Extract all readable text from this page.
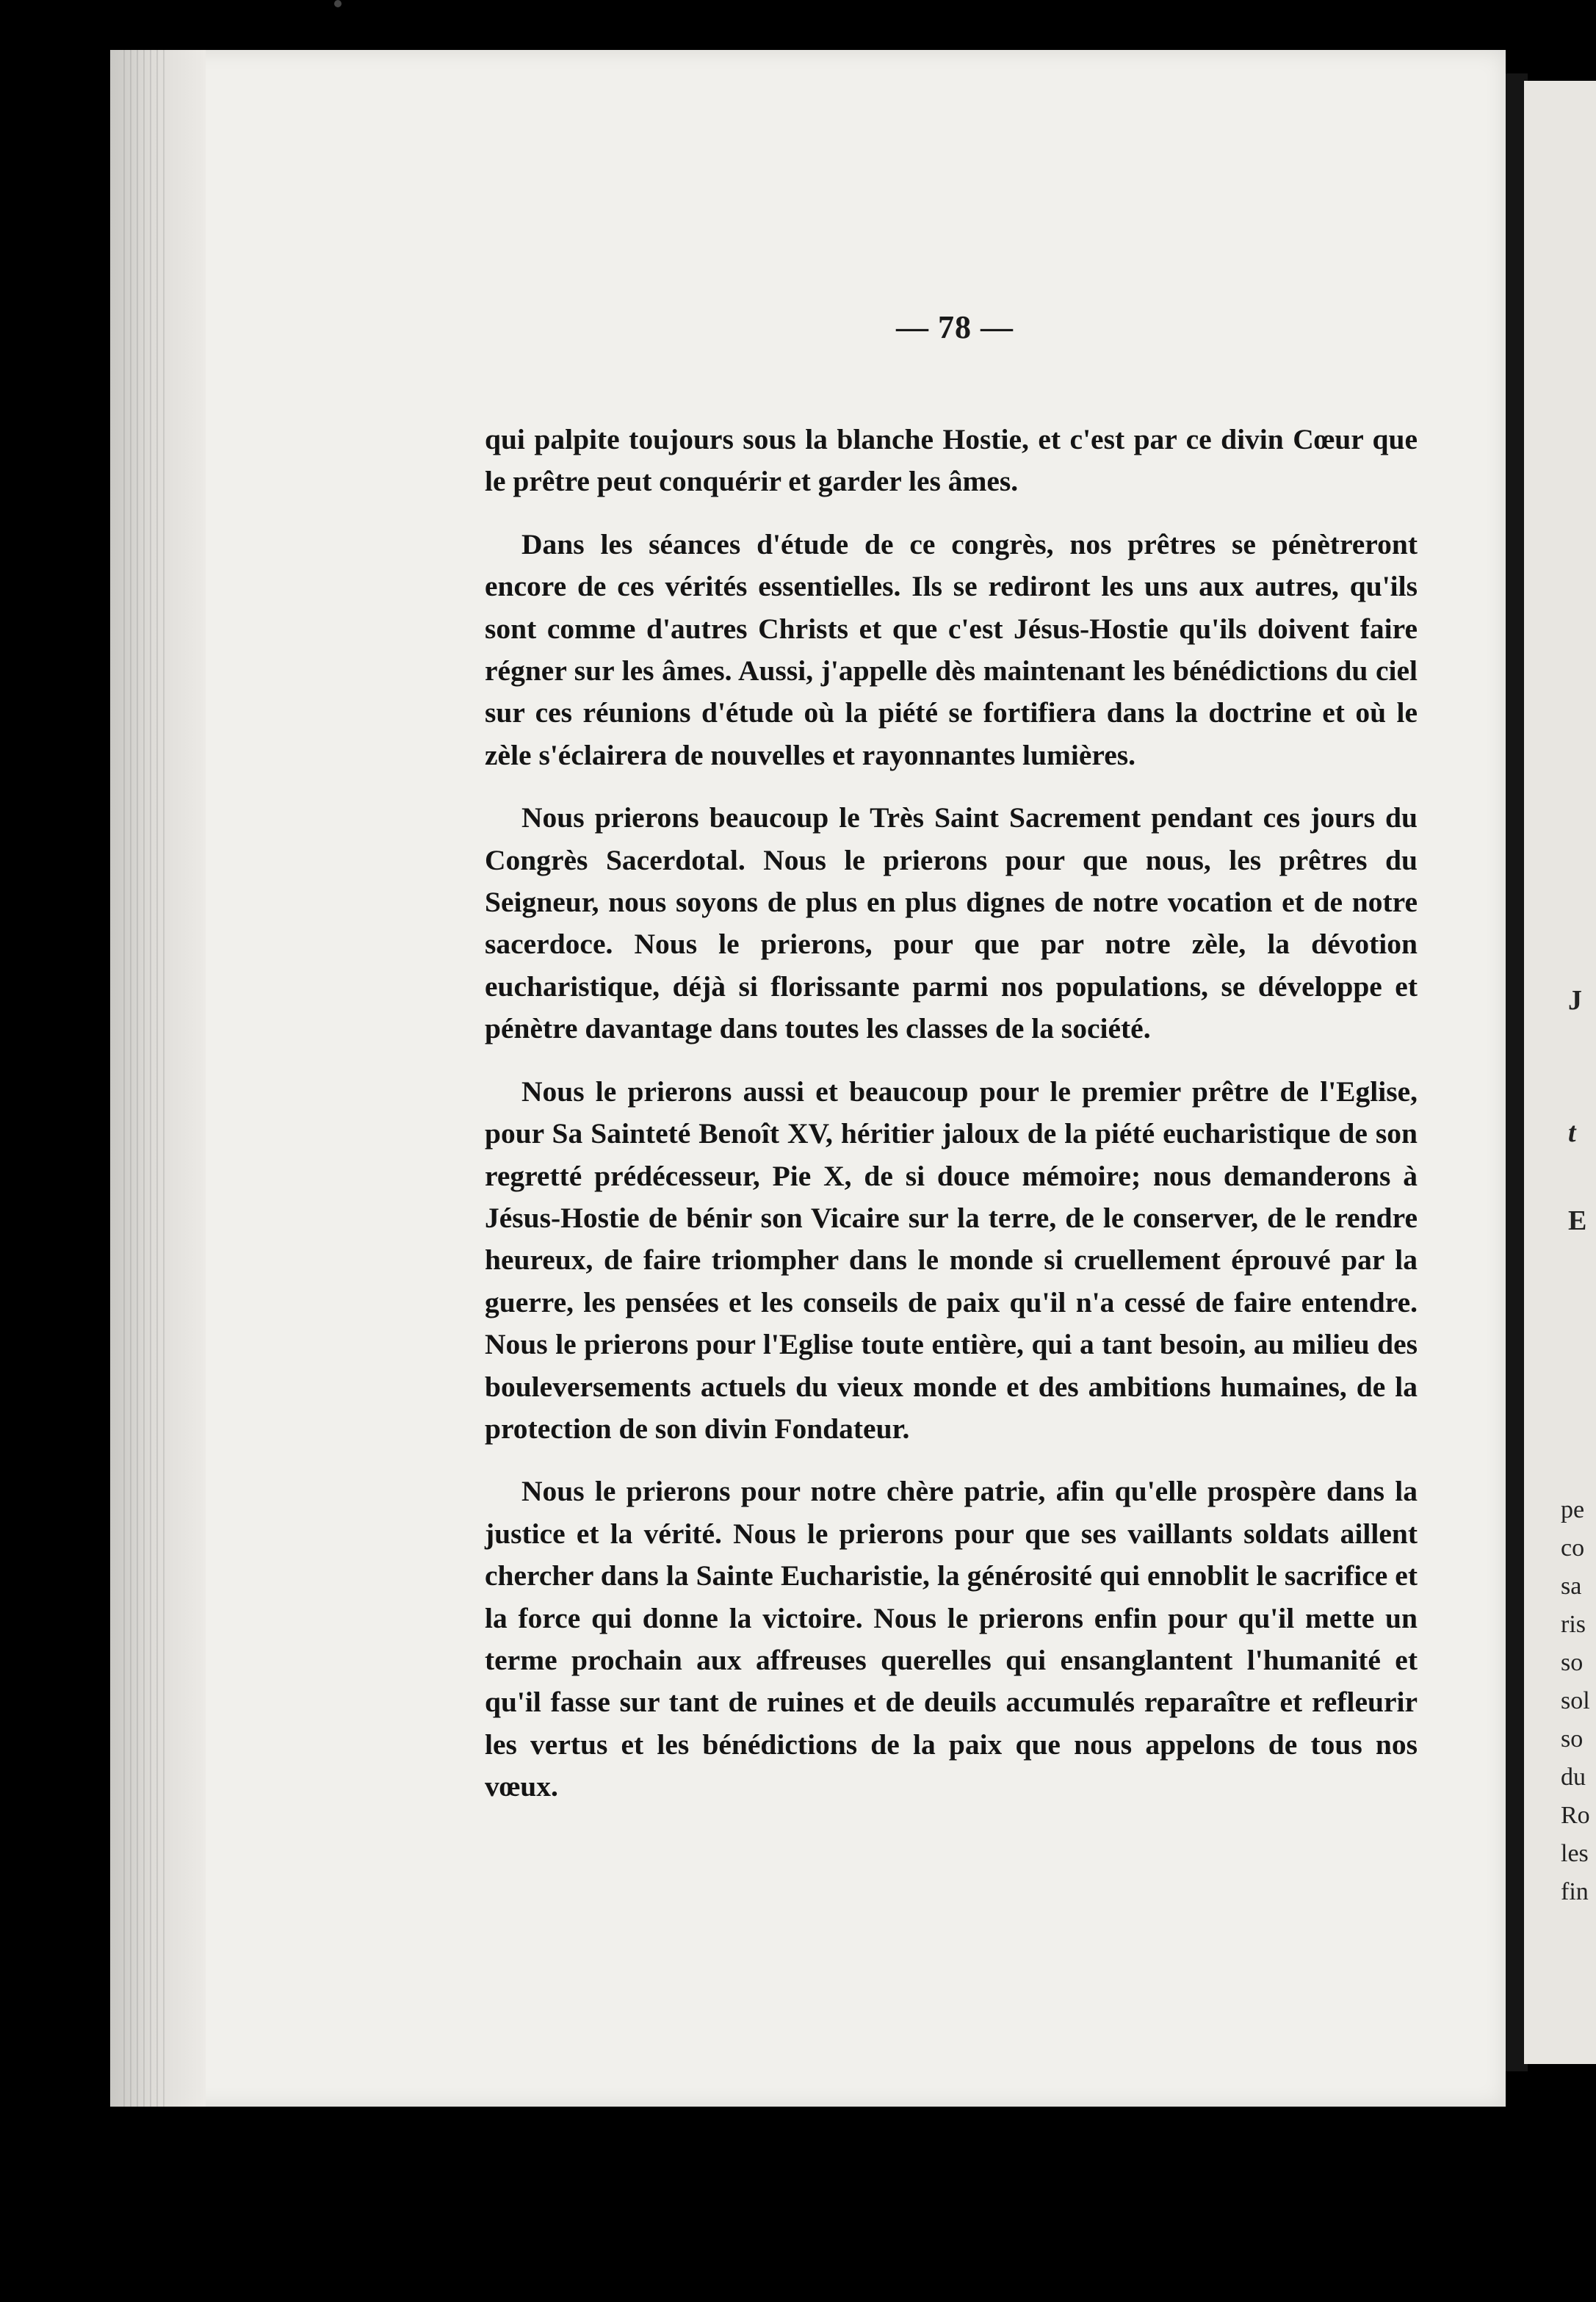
J
t
E
pe
co
sa
ris
so
sol
so
du
Ro
les
fin
— 78 —

qui palpite toujours sous la blanche Hostie, et c'est par ce divin Cœur que le prêtre peut conquérir et garder les âmes.

Dans les séances d'étude de ce congrès, nos prêtres se pénètreront encore de ces vérités essentielles. Ils se rediront les uns aux autres, qu'ils sont comme d'autres Christs et que c'est Jésus-Hostie qu'ils doivent faire régner sur les âmes. Aussi, j'appelle dès maintenant les bénédictions du ciel sur ces réunions d'étude où la piété se fortifiera dans la doctrine et où le zèle s'éclairera de nouvelles et rayonnantes lumières.

Nous prierons beaucoup le Très Saint Sacrement pendant ces jours du Congrès Sacerdotal. Nous le prierons pour que nous, les prêtres du Seigneur, nous soyons de plus en plus dignes de notre vocation et de notre sacerdoce. Nous le prierons, pour que par notre zèle, la dévotion eucharistique, déjà si florissante parmi nos populations, se développe et pénètre davantage dans toutes les classes de la société.

Nous le prierons aussi et beaucoup pour le premier prêtre de l'Eglise, pour Sa Sainteté Benoît XV, héritier jaloux de la piété eucharistique de son regretté prédécesseur, Pie X, de si douce mémoire; nous demanderons à Jésus-Hostie de bénir son Vicaire sur la terre, de le conserver, de le rendre heureux, de faire triompher dans le monde si cruellement éprouvé par la guerre, les pensées et les conseils de paix qu'il n'a cessé de faire entendre. Nous le prierons pour l'Eglise toute entière, qui a tant besoin, au milieu des bouleversements actuels du vieux monde et des ambitions humaines, de la protection de son divin Fondateur.

Nous le prierons pour notre chère patrie, afin qu'elle prospère dans la justice et la vérité. Nous le prierons pour que ses vaillants soldats aillent chercher dans la Sainte Eucharistie, la générosité qui ennoblit le sacrifice et la force qui donne la victoire. Nous le prierons enfin pour qu'il mette un terme prochain aux affreuses querelles qui ensanglantent l'humanité et qu'il fasse sur tant de ruines et de deuils accumulés reparaître et refleurir les vertus et les bénédictions de la paix que nous appelons de tous nos vœux.
